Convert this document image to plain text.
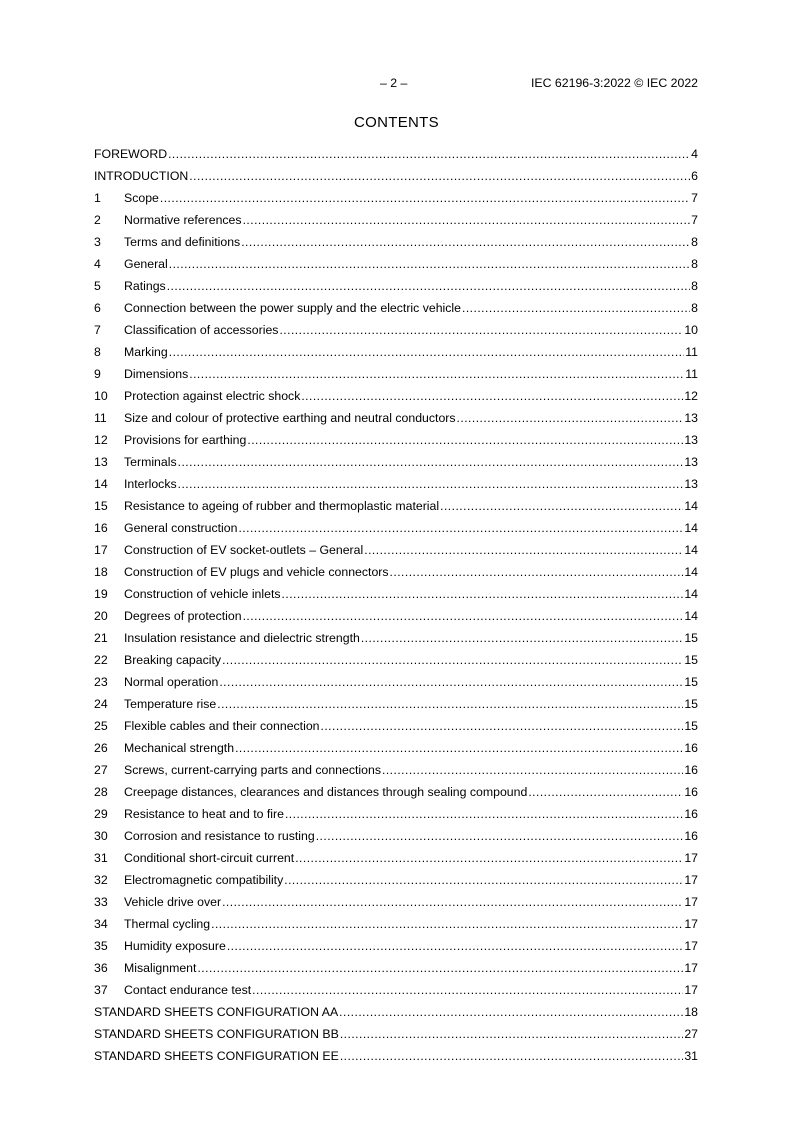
– 2 –	IEC 62196-3:2022 © IEC 2022
CONTENTS
FOREWORD .....	4
INTRODUCTION .....	6
1	Scope .....	7
2	Normative references .....	7
3	Terms and definitions .....	8
4	General .....	8
5	Ratings .....	8
6	Connection between the power supply and the electric vehicle .....	8
7	Classification of accessories .....	10
8	Marking .....	11
9	Dimensions .....	11
10	Protection against electric shock .....	12
11	Size and colour of protective earthing and neutral conductors .....	13
12	Provisions for earthing .....	13
13	Terminals .....	13
14	Interlocks .....	13
15	Resistance to ageing of rubber and thermoplastic material .....	14
16	General construction .....	14
17	Construction of EV socket-outlets – General .....	14
18	Construction of EV plugs and vehicle connectors .....	14
19	Construction of vehicle inlets .....	14
20	Degrees of protection .....	14
21	Insulation resistance and dielectric strength .....	15
22	Breaking capacity .....	15
23	Normal operation .....	15
24	Temperature rise .....	15
25	Flexible cables and their connection .....	15
26	Mechanical strength .....	16
27	Screws, current-carrying parts and connections .....	16
28	Creepage distances, clearances and distances through sealing compound .....	16
29	Resistance to heat and to fire .....	16
30	Corrosion and resistance to rusting .....	16
31	Conditional short-circuit current .....	17
32	Electromagnetic compatibility .....	17
33	Vehicle drive over .....	17
34	Thermal cycling .....	17
35	Humidity exposure .....	17
36	Misalignment .....	17
37	Contact endurance test .....	17
STANDARD SHEETS CONFIGURATION AA .....	18
STANDARD SHEETS CONFIGURATION BB .....	27
STANDARD SHEETS CONFIGURATION EE .....	31
